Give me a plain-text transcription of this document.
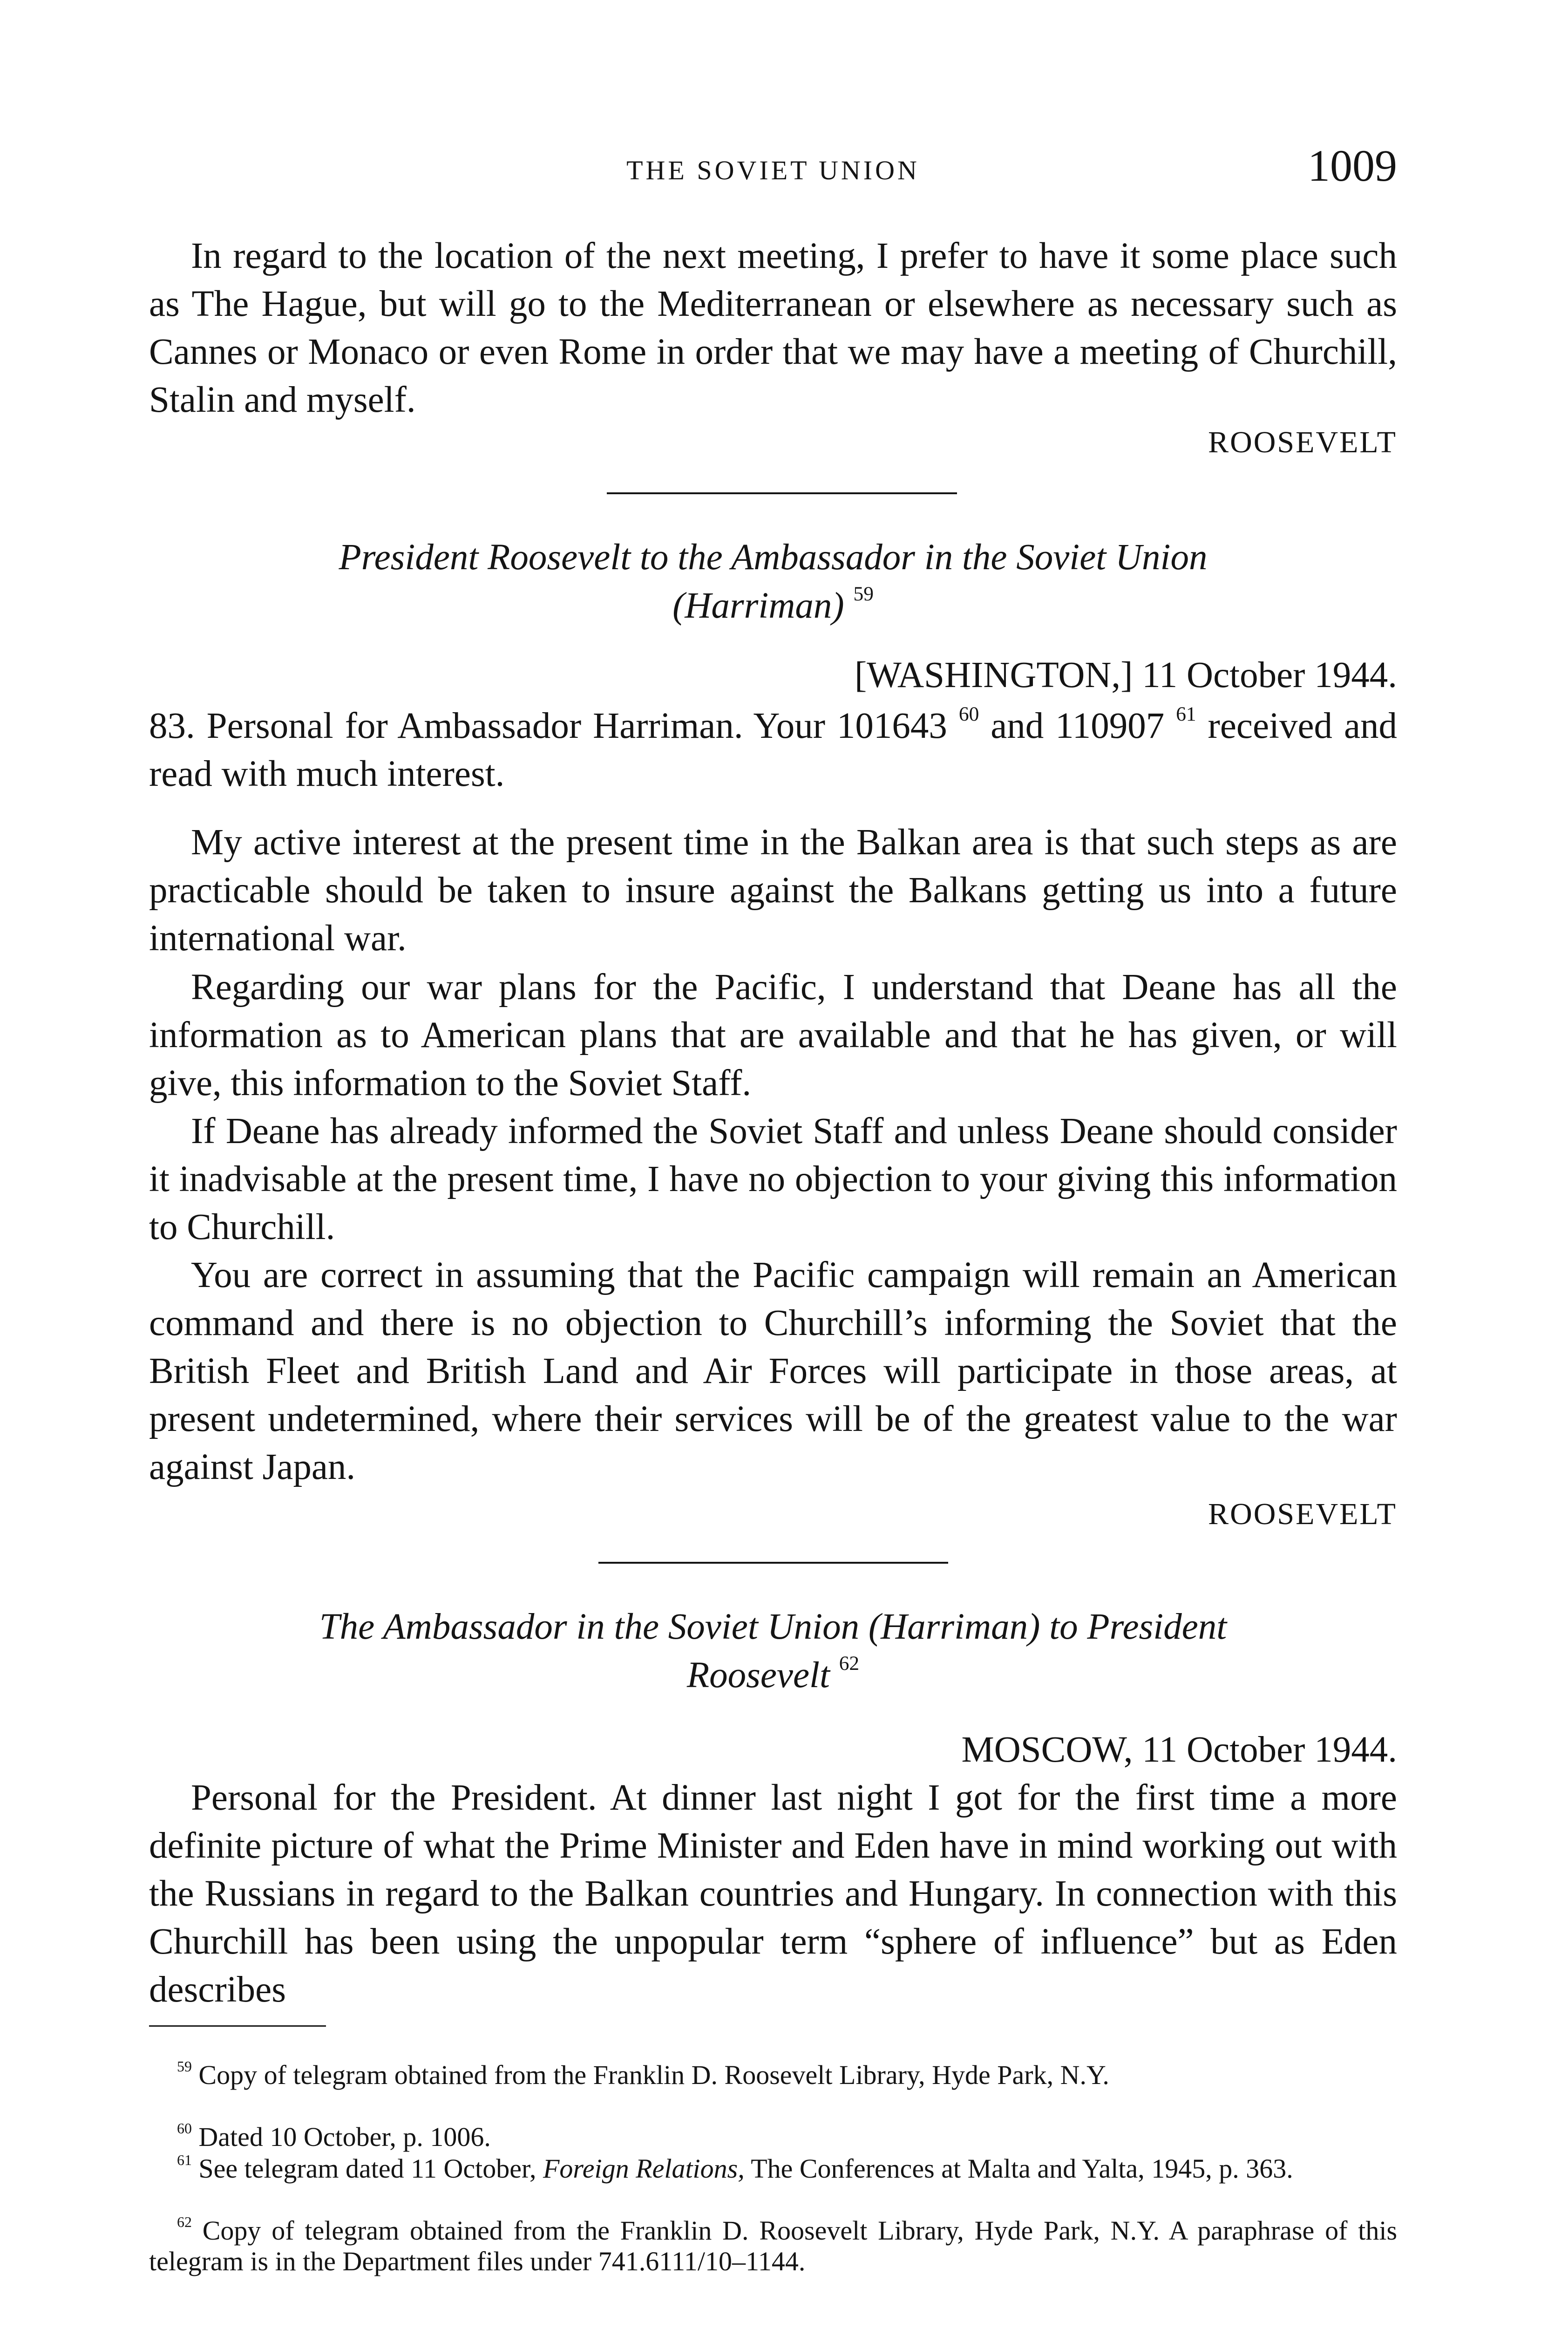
THE SOVIET UNION	1009

In regard to the location of the next meeting, I prefer to have it some place such as The Hague, but will go to the Mediterranean or elsewhere as necessary such as Cannes or Monaco or even Rome in order that we may have a meeting of Churchill, Stalin and myself.

ROOSEVELT
President Roosevelt to the Ambassador in the Soviet Union
(Harriman) $^{59}$
[WASHINGTON,] 11 October 1944.

83. Personal for Ambassador Harriman. Your 101643 $^{60}$ and 110907 $^{61}$ received and read with much interest.

My active interest at the present time in the Balkan area is that such steps as are practicable should be taken to insure against the Balkans getting us into a future international war.

Regarding our war plans for the Pacific, I understand that Deane has all the information as to American plans that are available and that he has given, or will give, this information to the Soviet Staff.

If Deane has already informed the Soviet Staff and unless Deane should consider it inadvisable at the present time, I have no objection to your giving this information to Churchill.

You are correct in assuming that the Pacific campaign will remain an American command and there is no objection to Churchill’s informing the Soviet that the British Fleet and British Land and Air Forces will participate in those areas, at present undetermined, where their services will be of the greatest value to the war against Japan.

ROOSEVELT
The Ambassador in the Soviet Union (Harriman) to President
Roosevelt $^{62}$
MOSCOW, 11 October 1944.

Personal for the President. At dinner last night I got for the first time a more definite picture of what the Prime Minister and Eden have in mind working out with the Russians in regard to the Balkan countries and Hungary. In connection with this Churchill has been using the unpopular term “sphere of influence” but as Eden describes

$^{59}$ Copy of telegram obtained from the Franklin D. Roosevelt Library, Hyde Park, N.Y.

$^{60}$ Dated 10 October, p. 1006.

$^{61}$ See telegram dated 11 October, Foreign Relations, The Conferences at Malta and Yalta, 1945, p. 363.

$^{62}$ Copy of telegram obtained from the Franklin D. Roosevelt Library, Hyde Park, N.Y. A paraphrase of this telegram is in the Department files under 741.6111/10–1144.
